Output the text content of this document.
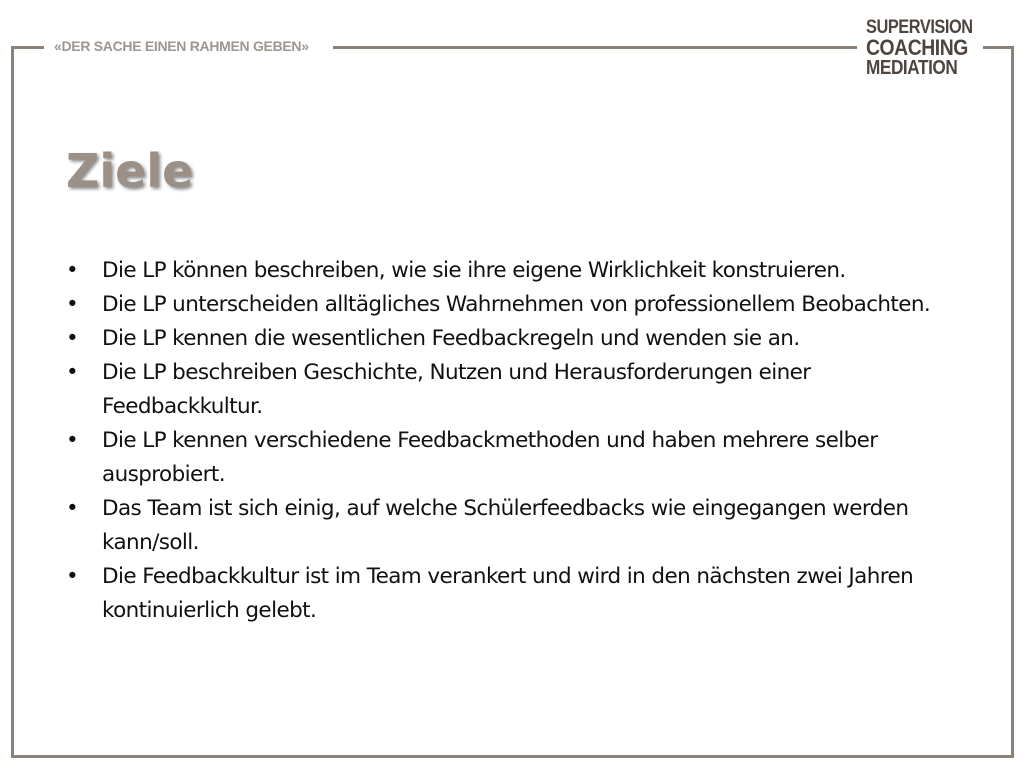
«DER SACHE EINEN RAHMEN GEBEN»
SUPERVISION
COACHING
MEDIATION
Ziele
• Die LP können beschreiben, wie sie ihre eigene Wirklichkeit konstruieren.
• Die LP unterscheiden alltägliches Wahrnehmen von professionellem Beobachten.
• Die LP kennen die wesentlichen Feedbackregeln und wenden sie an.
• Die LP beschreiben Geschichte, Nutzen und Herausforderungen einer Feedbackkultur.
• Die LP kennen verschiedene Feedbackmethoden und haben mehrere selber ausprobiert.
• Das Team ist sich einig, auf welche Schülerfeedbacks wie eingegangen werden kann/soll.
• Die Feedbackkultur ist im Team verankert und wird in den nächsten zwei Jahren kontinuierlich gelebt.
